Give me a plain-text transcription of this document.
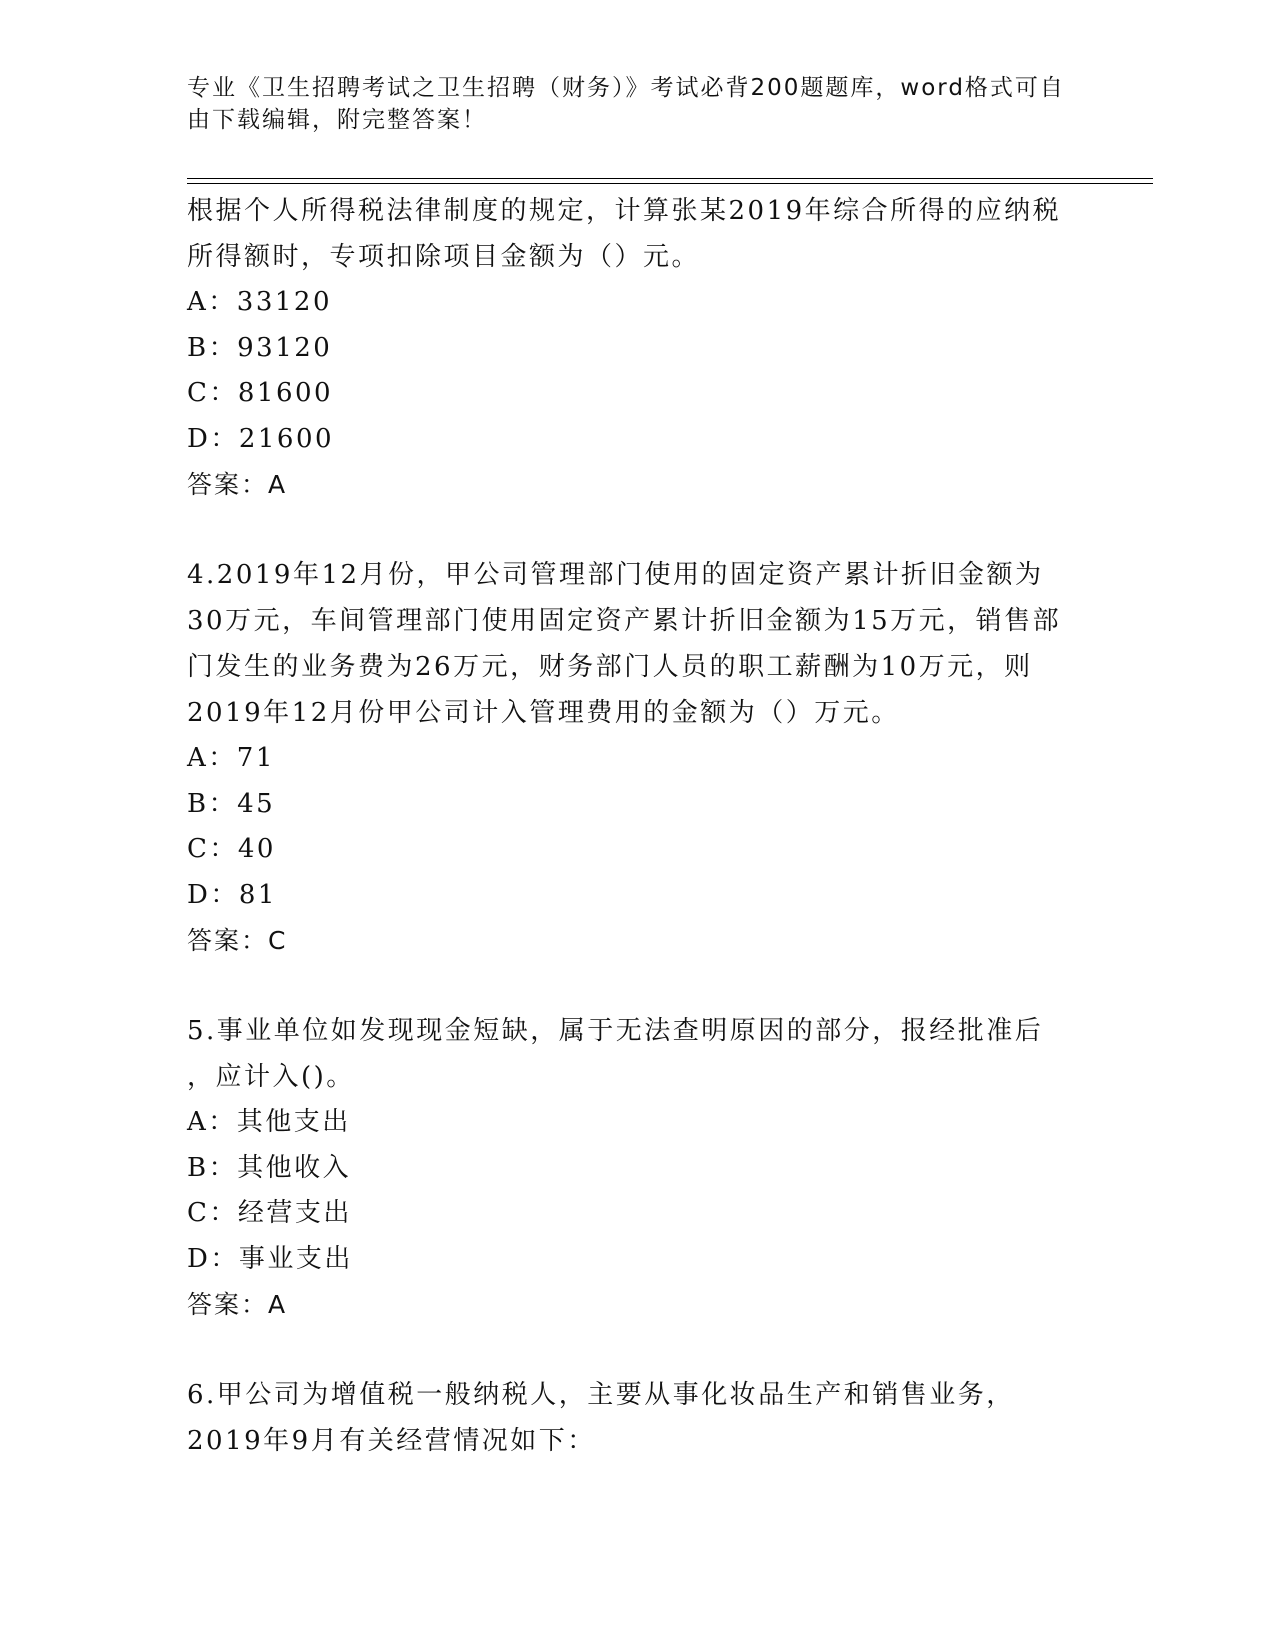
专业《卫生招聘考试之卫生招聘（财务）》考试必背200题题库，word格式可自
由下载编辑，附完整答案！

根据个人所得税法律制度的规定，计算张某2019年综合所得的应纳税

所得额时，专项扣除项目金额为（）元。

A：33120

B：93120

C：81600

D：21600

答案：A

4.2019年12月份，甲公司管理部门使用的固定资产累计折旧金额为

30万元，车间管理部门使用固定资产累计折旧金额为15万元，销售部

门发生的业务费为26万元，财务部门人员的职工薪酬为10万元，则

2019年12月份甲公司计入管理费用的金额为（）万元。

A：71

B：45

C：40

D：81

答案：C

5.事业单位如发现现金短缺，属于无法查明原因的部分，报经批准后

，应计入()。

A：其他支出

B：其他收入

C：经营支出

D：事业支出

答案：A

6.甲公司为增值税一般纳税人，主要从事化妆品生产和销售业务，

2019年9月有关经营情况如下：
